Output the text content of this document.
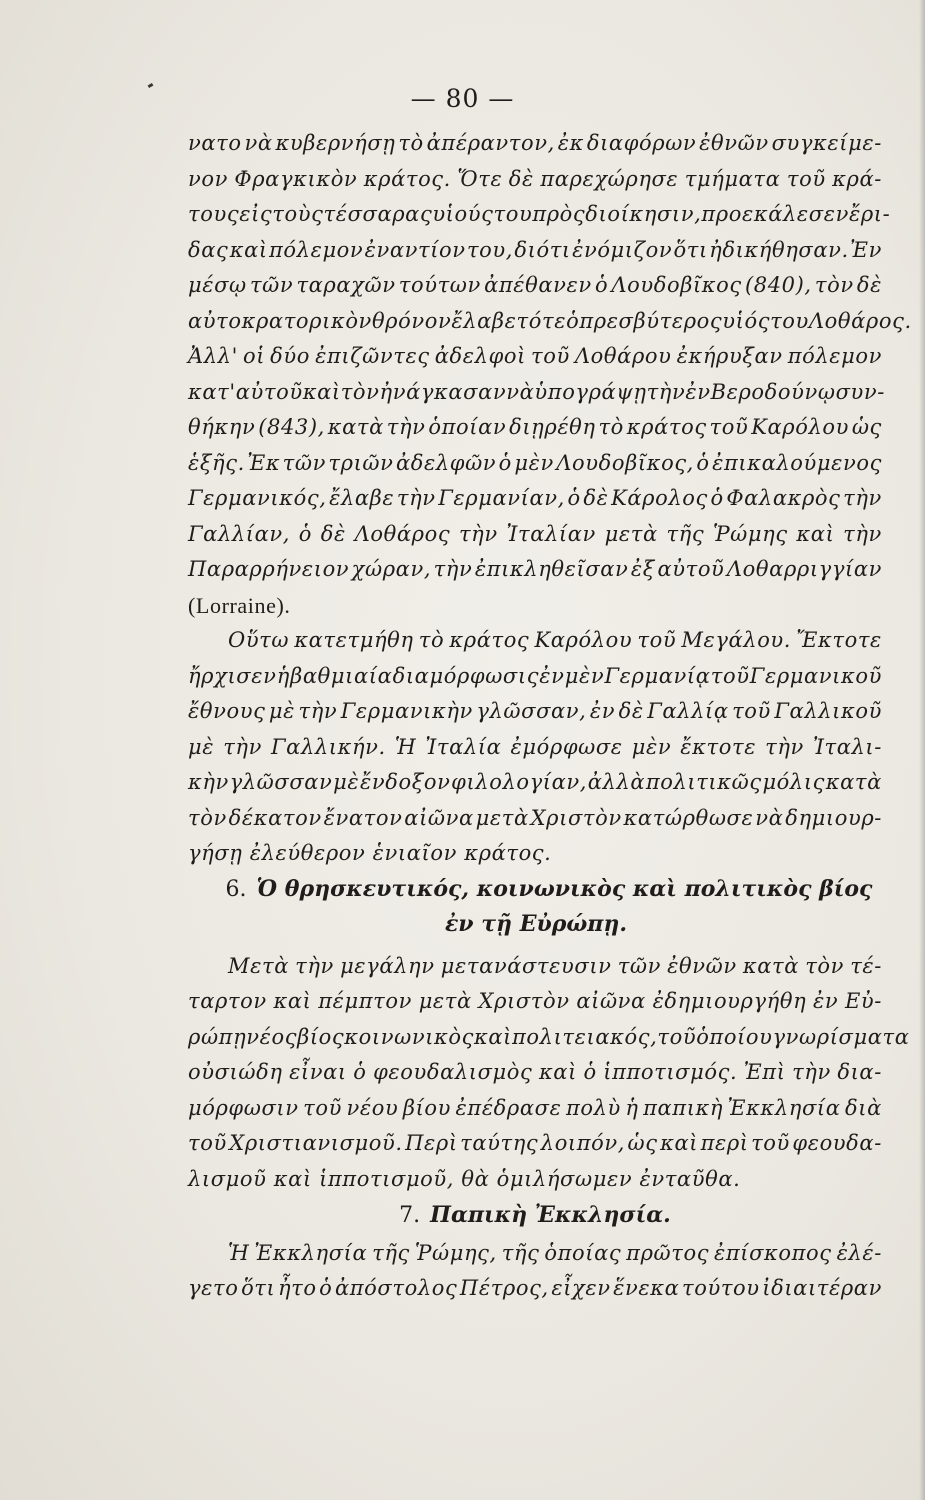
— 80 —
νατο νὰ κυβερνήσῃ τὸ ἀπέραντον, ἐκ διαφόρων ἐθνῶν συγκείμε-
νον Φραγκικὸν κράτος. Ὅτε δὲ παρεχώρησε τμήματα τοῦ κρά-
τους εἰς τοὺς τέσσαρας υἱούς του πρὸς διοίκησιν, προεκάλεσεν ἔρι-
δας καὶ πόλεμον ἐναντίον του, διότι ἐνόμιζον ὅτι ἠδικήθησαν. Ἐν
μέσῳ τῶν ταραχῶν τούτων ἀπέθανεν ὁ Λουδοβῖκος (840), τὸν δὲ
αὐτοκρατορικὸν θρόνον ἔλαβε τότε ὁ πρεσβύτερος υἱός του Λοθάρος.
Ἀλλ' οἱ δύο ἐπιζῶντες ἀδελφοὶ τοῦ Λοθάρου ἐκήρυξαν πόλεμον
κατ'αὐτοῦ καὶ τὸν ἠνάγκασαν νὰ ὑπογράψῃ τὴν ἐν Βεροδούνῳ συν-
θήκην (843), κατὰ τὴν ὁποίαν διῃρέθη τὸ κράτος τοῦ Καρόλου ὡς
ἑξῆς. Ἐκ τῶν τριῶν ἀδελφῶν ὁ μὲν Λουδοβῖκος, ὁ ἐπικαλούμενος
Γερμανικός, ἔλαβε τὴν Γερμανίαν, ὁ δὲ Κάρολος ὁ Φαλακρὸς τὴν
Γαλλίαν, ὁ δὲ Λοθάρος τὴν Ἰταλίαν μετὰ τῆς Ῥώμης καὶ τὴν
Παραρρήνειον χώραν, τὴν ἐπικληθεῖσαν ἐξ αὐτοῦ Λοθαρριγγίαν
(Lorraine).
Οὕτω κατετμήθη τὸ κράτος Καρόλου τοῦ Μεγάλου. Ἔκτοτε
ἤρχισεν ἡ βαθμιαία διαμόρφωσις ἐν μὲν Γερμανίᾳ τοῦ Γερμανικοῦ
ἔθνους μὲ τὴν Γερμανικὴν γλῶσσαν, ἐν δὲ Γαλλίᾳ τοῦ Γαλλικοῦ
μὲ τὴν Γαλλικήν. Ἡ Ἰταλία ἐμόρφωσε μὲν ἔκτοτε τὴν Ἰταλι-
κὴν γλῶσσαν μὲ ἔνδοξον φιλολογίαν, ἀλλὰ πολιτικῶς μόλις κατὰ
τὸν δέκατον ἔνατον αἰῶνα μετὰ Χριστὸν κατώρθωσε νὰ δημιουρ-
γήσῃ ἐλεύθερον ἑνιαῖον κράτος.
6. Ὁ θρησκευτικός, κοινωνικὸς καὶ πολιτικὸς βίος
ἐν τῇ Εὐρώπῃ.
Μετὰ τὴν μεγάλην μετανάστευσιν τῶν ἐθνῶν κατὰ τὸν τέ-
ταρτον καὶ πέμπτον μετὰ Χριστὸν αἰῶνα ἐδημιουργήθη ἐν Εὐ-
ρώπῃ νέος βίος κοινωνικὸς καὶ πολιτειακός, τοῦ ὁποίου γνωρίσματα
οὐσιώδη εἶναι ὁ φεουδαλισμὸς καὶ ὁ ἱπποτισμός. Ἐπὶ τὴν δια-
μόρφωσιν τοῦ νέου βίου ἐπέδρασε πολὺ ἡ παπικὴ Ἐκκλησία διὰ
τοῦ Χριστιανισμοῦ. Περὶ ταύτης λοιπόν, ὡς καὶ περὶ τοῦ φεουδα-
λισμοῦ καὶ ἱπποτισμοῦ, θὰ ὁμιλήσωμεν ἐνταῦθα.
7. Παπικὴ Ἐκκλησία.
Ἡ Ἐκκλησία τῆς Ῥώμης, τῆς ὁποίας πρῶτος ἐπίσκοπος ἐλέ-
γετο ὅτι ἦτο ὁ ἀπόστολος Πέτρος, εἶχεν ἕνεκα τούτου ἰδιαιτέραν
